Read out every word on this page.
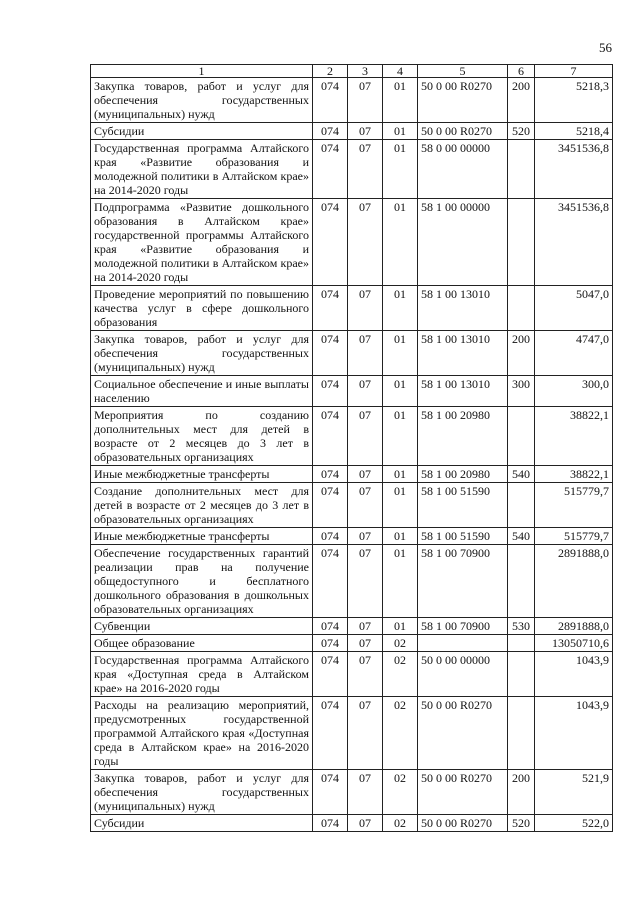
56
1	2	3	4	5	6	7
Закупка товаров, работ и услуг для обеспечения государственных (муниципальных) нужд	074	07	01	50 0 00 R0270	200	5218,3
Субсидии	074	07	01	50 0 00 R0270	520	5218,4
Государственная программа Алтайского края «Развитие образования и молодежной политики в Алтайском крае» на 2014-2020 годы	074	07	01	58 0 00 00000		3451536,8
Подпрограмма «Развитие дошкольного образования в Алтайском крае» государственной программы Алтайского края «Развитие образования и молодежной политики в Алтайском крае» на 2014-2020 годы	074	07	01	58 1 00 00000		3451536,8
Проведение мероприятий по повышению качества услуг в сфере дошкольного образования	074	07	01	58 1 00 13010		5047,0
Закупка товаров, работ и услуг для обеспечения государственных (муниципальных) нужд	074	07	01	58 1 00 13010	200	4747,0
Социальное обеспечение и иные выплаты населению	074	07	01	58 1 00 13010	300	300,0
Мероприятия по созданию дополнительных мест для детей в возрасте от 2 месяцев до 3 лет в образовательных организациях	074	07	01	58 1 00 20980		38822,1
Иные межбюджетные трансферты	074	07	01	58 1 00 20980	540	38822,1
Создание дополнительных мест для детей в возрасте от 2 месяцев до 3 лет в образовательных организациях	074	07	01	58 1 00 51590		515779,7
Иные межбюджетные трансферты	074	07	01	58 1 00 51590	540	515779,7
Обеспечение государственных гарантий реализации прав на получение общедоступного и бесплатного дошкольного образования в дошкольных образовательных организациях	074	07	01	58 1 00 70900		2891888,0
Субвенции	074	07	01	58 1 00 70900	530	2891888,0
Общее образование	074	07	02			13050710,6
Государственная программа Алтайского края «Доступная среда в Алтайском крае» на 2016-2020 годы	074	07	02	50 0 00 00000		1043,9
Расходы на реализацию мероприятий, предусмотренных государственной программой Алтайского края «Доступная среда в Алтайском крае» на 2016-2020 годы	074	07	02	50 0 00 R0270		1043,9
Закупка товаров, работ и услуг для обеспечения государственных (муниципальных) нужд	074	07	02	50 0 00 R0270	200	521,9
Субсидии	074	07	02	50 0 00 R0270	520	522,0
